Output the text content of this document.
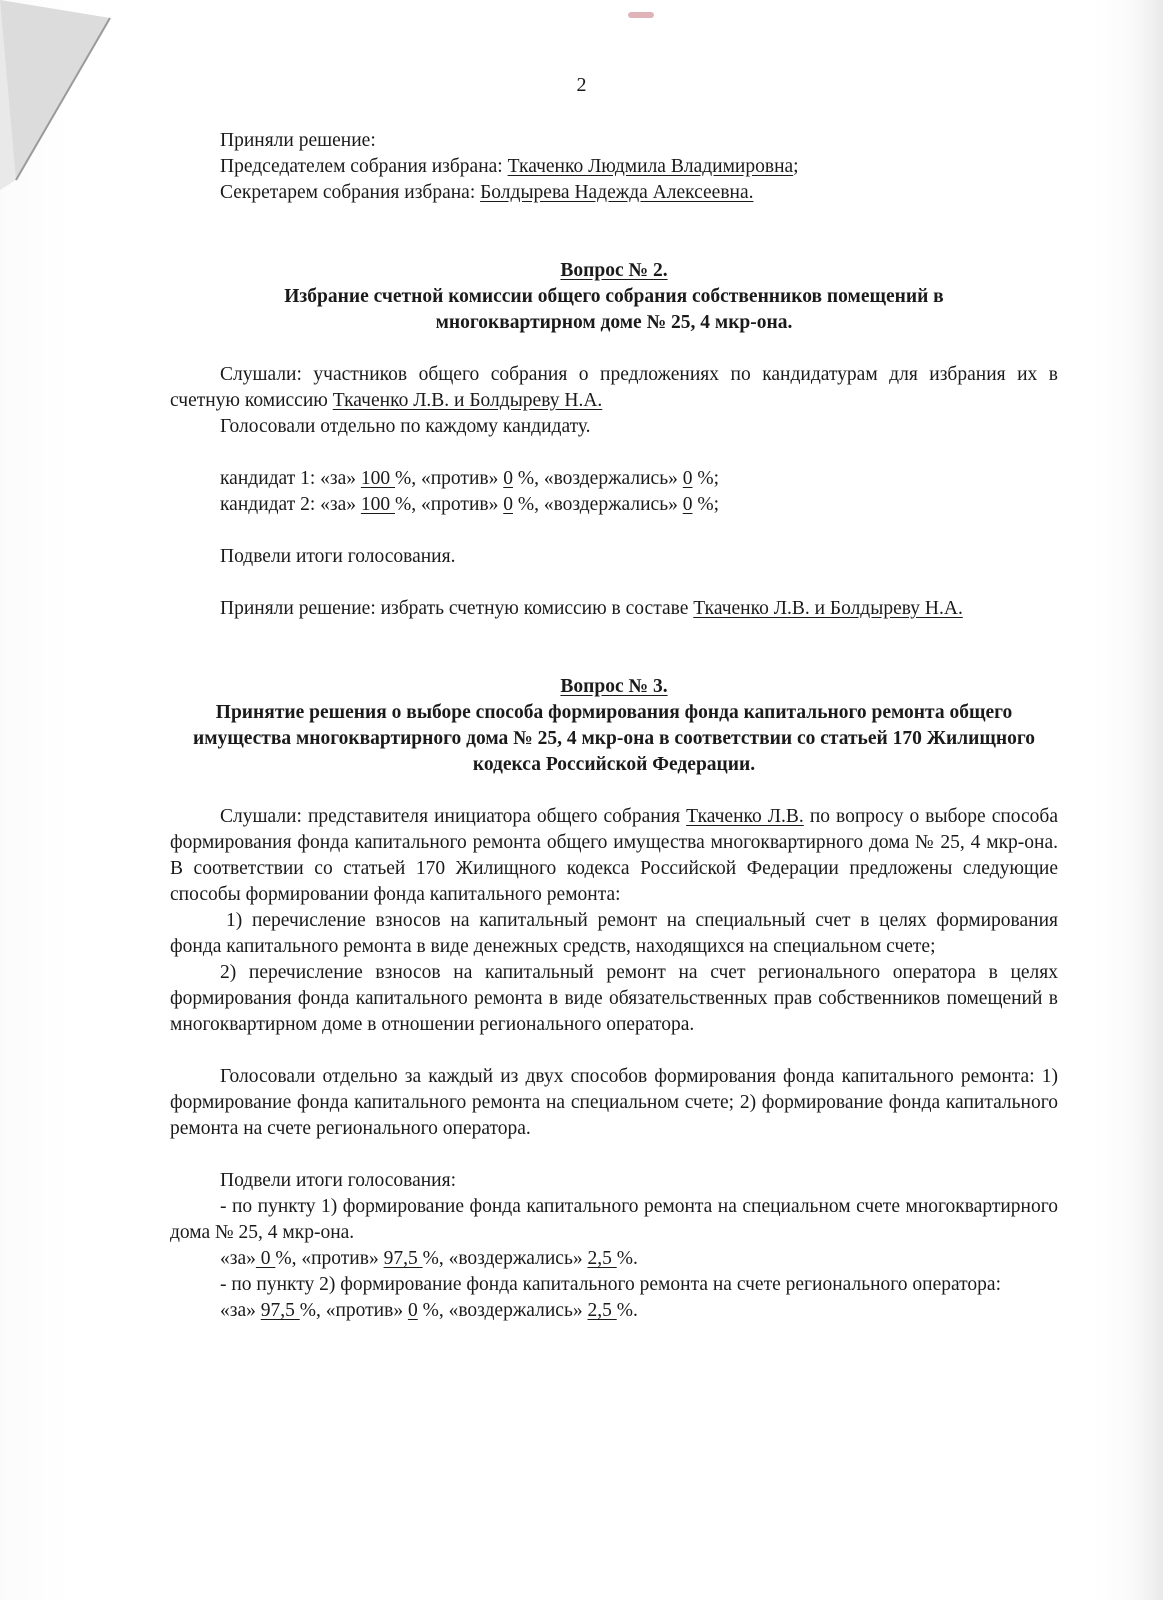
2

Приняли решение:

Председателем собрания избрана: Ткаченко Людмила Владимировна;

Секретарем собрания избрана: Болдырева Надежда Алексеевна.

Вопрос № 2.

Избрание счетной комиссии общего собрания собственников помещений в многоквартирном доме № 25, 4 мкр-она.

Слушали: участников общего собрания о предложениях по кандидатурам для избрания их в счетную комиссию Ткаченко Л.В. и Болдыреву Н.А.

Голосовали отдельно по каждому кандидату.

кандидат 1: «за» 100 %, «против» 0 %, «воздержались» 0 %;

кандидат 2: «за» 100 %, «против» 0 %, «воздержались» 0 %;

Подвели итоги голосования.

Приняли решение: избрать счетную комиссию в составе Ткаченко Л.В. и Болдыреву Н.А.

Вопрос № 3.

Принятие решения о выборе способа формирования фонда капитального ремонта общего имущества многоквартирного дома № 25, 4 мкр-она в соответствии со статьей 170 Жилищного кодекса Российской Федерации.

Слушали: представителя инициатора общего собрания Ткаченко Л.В. по вопросу о выборе способа формирования фонда капитального ремонта общего имущества многоквартирного дома № 25, 4 мкр-она. В соответствии со статьей 170 Жилищного кодекса Российской Федерации предложены следующие способы формировании фонда капитального ремонта:

1) перечисление взносов на капитальный ремонт на специальный счет в целях формирования фонда капитального ремонта в виде денежных средств, находящихся на специальном счете;

2) перечисление взносов на капитальный ремонт на счет регионального оператора в целях формирования фонда капитального ремонта в виде обязательственных прав собственников помещений в многоквартирном доме в отношении регионального оператора.

Голосовали отдельно за каждый из двух способов формирования фонда капитального ремонта: 1) формирование фонда капитального ремонта на специальном счете; 2) формирование фонда капитального ремонта на счете регионального оператора.

Подвели итоги голосования:

- по пункту 1) формирование фонда капитального ремонта на специальном счете многоквартирного дома № 25, 4 мкр-она.

«за» 0 %, «против» 97,5 %, «воздержались» 2,5 %.

- по пункту 2) формирование фонда капитального ремонта на счете регионального оператора:

«за» 97,5 %, «против» 0 %, «воздержались» 2,5 %.
